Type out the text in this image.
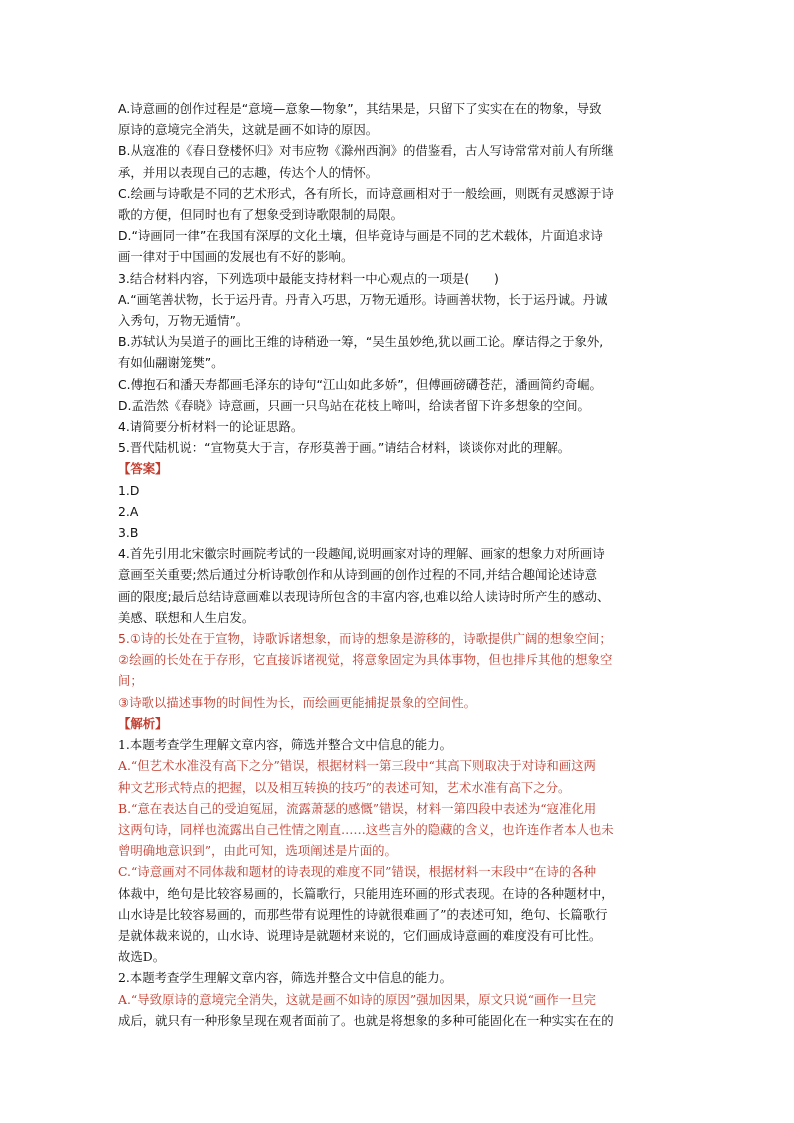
A.诗意画的创作过程是“意境—意象—物象”，其结果是，只留下了实实在在的物象，导致
原诗的意境完全消失，这就是画不如诗的原因。
B.从寇准的《春日登楼怀归》对韦应物《滁州西涧》的借鉴看，古人写诗常常对前人有所继
承，并用以表现自己的志趣，传达个人的情怀。
C.绘画与诗歌是不同的艺术形式，各有所长，而诗意画相对于一般绘画，则既有灵感源于诗
歌的方便，但同时也有了想象受到诗歌限制的局限。
D.“诗画同一律”在我国有深厚的文化土壤，但毕竟诗与画是不同的艺术载体，片面追求诗
画一律对于中国画的发展也有不好的影响。
3.结合材料内容，下列选项中最能支持材料一中心观点的一项是(　　)
A.“画笔善状物，长于运丹青。丹青入巧思，万物无遁形。诗画善状物，长于运丹诚。丹诚
入秀句，万物无遁情”。
B.苏轼认为吴道子的画比王维的诗稍逊一筹，“吴生虽妙绝,犹以画工论。摩诘得之于象外,
有如仙翮谢笼樊”。
C.傅抱石和潘天寿都画毛泽东的诗句“江山如此多娇”，但傅画磅礴苍茫，潘画简约奇崛。
D.孟浩然《春晓》诗意画，只画一只鸟站在花枝上啼叫，给读者留下许多想象的空间。
4.请简要分析材料一的论证思路。
5.晋代陆机说：“宣物莫大于言，存形莫善于画。”请结合材料，谈谈你对此的理解。
【答案】
1.D
2.A
3.B
4.首先引用北宋徽宗时画院考试的一段趣闻,说明画家对诗的理解、画家的想象力对所画诗
意画至关重要;然后通过分析诗歌创作和从诗到画的创作过程的不同,并结合趣闻论述诗意
画的限度;最后总结诗意画难以表现诗所包含的丰富内容,也难以给人读诗时所产生的感动、
美感、联想和人生启发。
5.①诗的长处在于宣物，诗歌诉诸想象，而诗的想象是游移的，诗歌提供广阔的想象空间；
②绘画的长处在于存形，它直接诉诸视觉，将意象固定为具体事物，但也排斥其他的想象空
间；
③诗歌以描述事物的时间性为长，而绘画更能捕捉景象的空间性。
【解析】
1.本题考查学生理解文章内容，筛选并整合文中信息的能力。
A.“但艺术水准没有高下之分”错误，根据材料一第三段中“其高下则取决于对诗和画这两
种文艺形式特点的把握，以及相互转换的技巧”的表述可知，艺术水准有高下之分。
B.“意在表达自己的受迫冤屈，流露萧瑟的感慨”错误，材料一第四段中表述为“寇准化用
这两句诗，同样也流露出自己性情之刚直……这些言外的隐藏的含义，也许连作者本人也未
曾明确地意识到”，由此可知，选项阐述是片面的。
C.“诗意画对不同体裁和题材的诗表现的难度不同”错误，根据材料一末段中“在诗的各种
体裁中，绝句是比较容易画的，长篇歌行，只能用连环画的形式表现。在诗的各种题材中，
山水诗是比较容易画的，而那些带有说理性的诗就很难画了”的表述可知，绝句、长篇歌行
是就体裁来说的，山水诗、说理诗是就题材来说的，它们画成诗意画的难度没有可比性。
故选D。
2.本题考查学生理解文章内容，筛选并整合文中信息的能力。
A.“导致原诗的意境完全消失，这就是画不如诗的原因”强加因果，原文只说“画作一旦完
成后，就只有一种形象呈现在观者面前了。也就是将想象的多种可能固化在一种实实在在的
